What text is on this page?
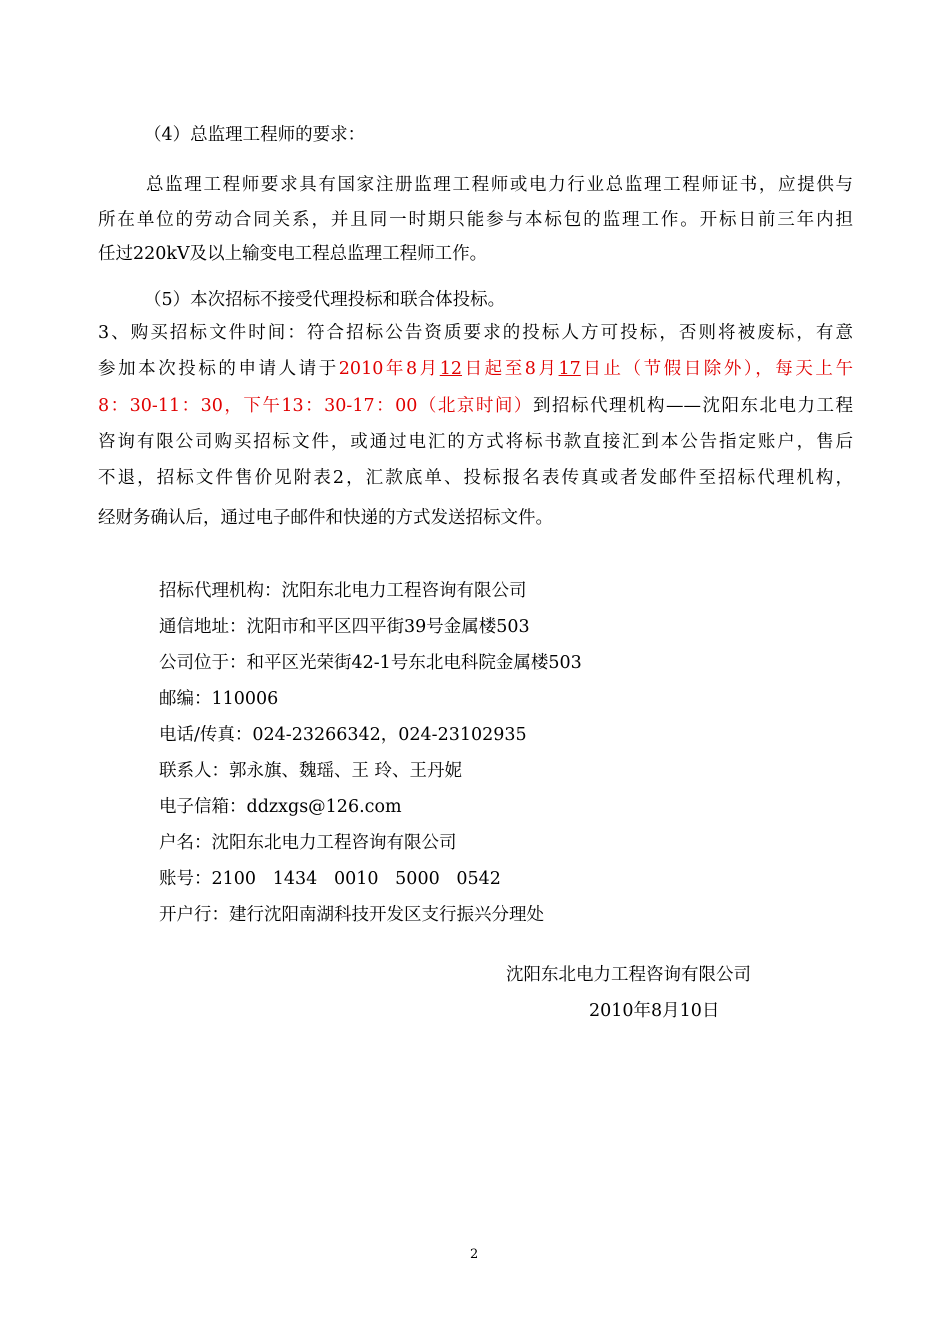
（4）总监理工程师的要求：
总监理工程师要求具有国家注册监理工程师或电力行业总监理工程师证书，应提供与
所在单位的劳动合同关系，并且同一时期只能参与本标包的监理工作。开标日前三年内担
任过220kV及以上输变电工程总监理工程师工作。
（5）本次招标不接受代理投标和联合体投标。
3、购买招标文件时间：符合招标公告资质要求的投标人方可投标，否则将被废标，有意
参加本次投标的申请人请于2010年8月12日起至8月17日止（节假日除外），每天上午
8：30-11：30，下午13：30-17：00（北京时间）到招标代理机构——沈阳东北电力工程
咨询有限公司购买招标文件，或通过电汇的方式将标书款直接汇到本公告指定账户，售后
不退，招标文件售价见附表2，汇款底单、投标报名表传真或者发邮件至招标代理机构，
经财务确认后，通过电子邮件和快递的方式发送招标文件。
招标代理机构：沈阳东北电力工程咨询有限公司
通信地址：沈阳市和平区四平街39号金属楼503
公司位于：和平区光荣街42-1号东北电科院金属楼503
邮编：110006
电话/传真：024-23266342，024-23102935
联系人：郭永旗、魏瑶、王 玲、王丹妮
电子信箱：ddzxgs@126.com
户名：沈阳东北电力工程咨询有限公司
账号：2100   1434   0010   5000   0542
开户行：建行沈阳南湖科技开发区支行振兴分理处
沈阳东北电力工程咨询有限公司
2010年8月10日
2
